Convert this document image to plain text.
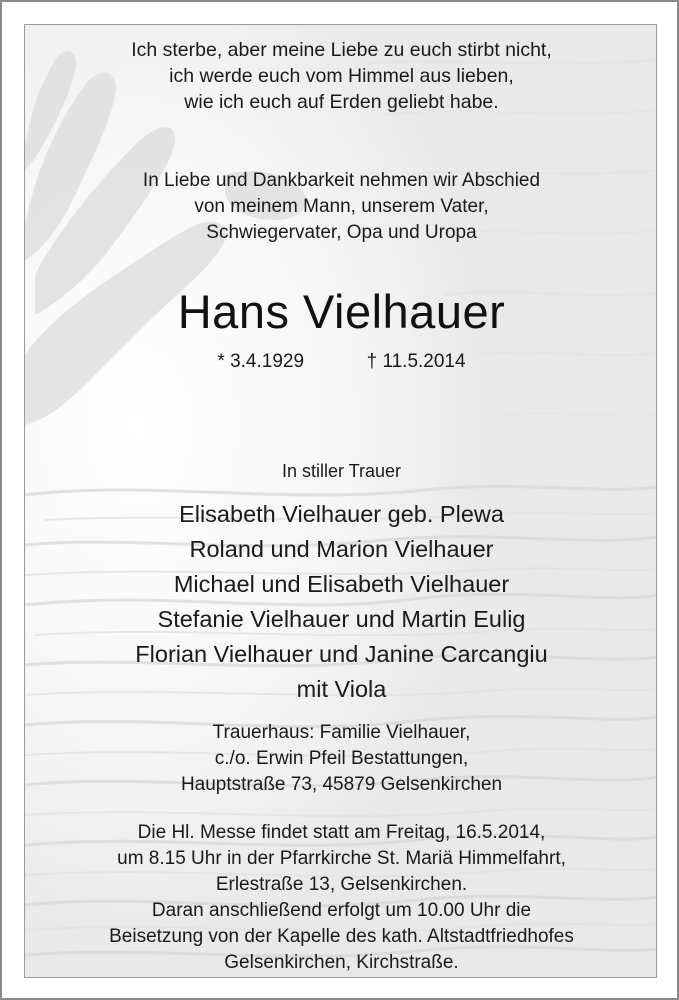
Ich sterbe, aber meine Liebe zu euch stirbt nicht,
ich werde euch vom Himmel aus lieben,
wie ich euch auf Erden geliebt habe.
In Liebe und Dankbarkeit nehmen wir Abschied
von meinem Mann, unserem Vater,
Schwiegervater, Opa und Uropa
Hans Vielhauer
* 3.4.1929	† 11.5.2014
In stiller Trauer
Elisabeth Vielhauer geb. Plewa
Roland und Marion Vielhauer
Michael und Elisabeth Vielhauer
Stefanie Vielhauer und Martin Eulig
Florian Vielhauer und Janine Carcangiu
mit Viola
Trauerhaus: Familie Vielhauer,
c./o. Erwin Pfeil Bestattungen,
Hauptstraße 73, 45879 Gelsenkirchen
Die Hl. Messe findet statt am Freitag, 16.5.2014,
um 8.15 Uhr in der Pfarrkirche St. Mariä Himmelfahrt,
Erlestraße 13, Gelsenkirchen.
Daran anschließend erfolgt um 10.00 Uhr die
Beisetzung von der Kapelle des kath. Altstadtfriedhofes
Gelsenkirchen, Kirchstraße.
